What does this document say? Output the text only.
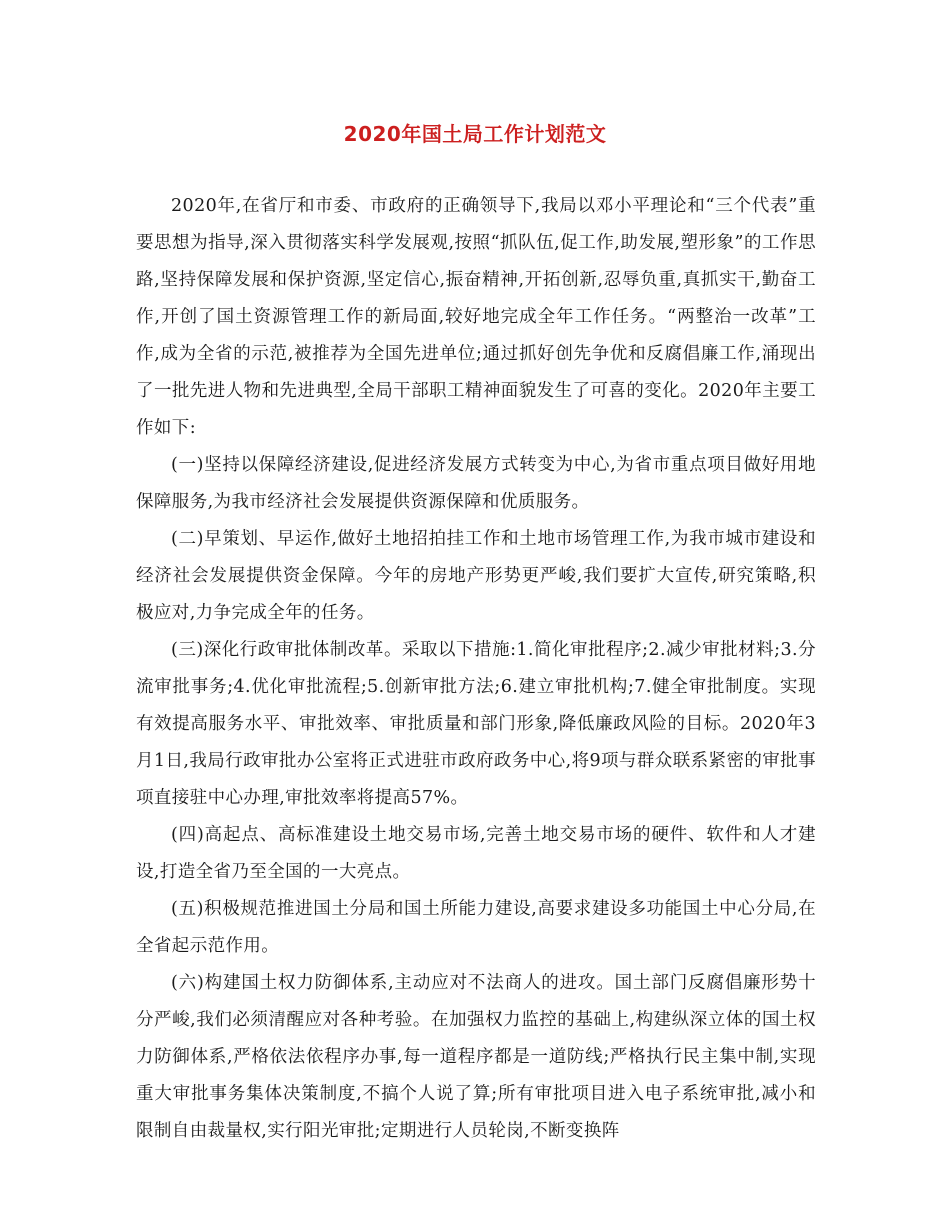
2020年国土局工作计划范文

2020年,在省厅和市委、市政府的正确领导下,我局以邓小平理论和“三个代表”重要思想为指导,深入贯彻落实科学发展观,按照“抓队伍,促工作,助发展,塑形象”的工作思路,坚持保障发展和保护资源,坚定信心,振奋精神,开拓创新,忍辱负重,真抓实干,勤奋工作,开创了国土资源管理工作的新局面,较好地完成全年工作任务。“两整治一改革”工作,成为全省的示范,被推荐为全国先进单位;通过抓好创先争优和反腐倡廉工作,涌现出了一批先进人物和先进典型,全局干部职工精神面貌发生了可喜的变化。2020年主要工作如下:

(一)坚持以保障经济建设,促进经济发展方式转变为中心,为省市重点项目做好用地保障服务,为我市经济社会发展提供资源保障和优质服务。

(二)早策划、早运作,做好土地招拍挂工作和土地市场管理工作,为我市城市建设和经济社会发展提供资金保障。今年的房地产形势更严峻,我们要扩大宣传,研究策略,积极应对,力争完成全年的任务。

(三)深化行政审批体制改革。采取以下措施:1.简化审批程序;2.减少审批材料;3.分流审批事务;4.优化审批流程;5.创新审批方法;6.建立审批机构;7.健全审批制度。实现有效提高服务水平、审批效率、审批质量和部门形象,降低廉政风险的目标。2020年3月1日,我局行政审批办公室将正式进驻市政府政务中心,将9项与群众联系紧密的审批事项直接驻中心办理,审批效率将提高57%。

(四)高起点、高标准建设土地交易市场,完善土地交易市场的硬件、软件和人才建设,打造全省乃至全国的一大亮点。

(五)积极规范推进国土分局和国土所能力建设,高要求建设多功能国土中心分局,在全省起示范作用。

(六)构建国土权力防御体系,主动应对不法商人的进攻。国土部门反腐倡廉形势十分严峻,我们必须清醒应对各种考验。在加强权力监控的基础上,构建纵深立体的国土权力防御体系,严格依法依程序办事,每一道程序都是一道防线;严格执行民主集中制,实现重大审批事务集体决策制度,不搞个人说了算;所有审批项目进入电子系统审批,减小和限制自由裁量权,实行阳光审批;定期进行人员轮岗,不断变换阵
